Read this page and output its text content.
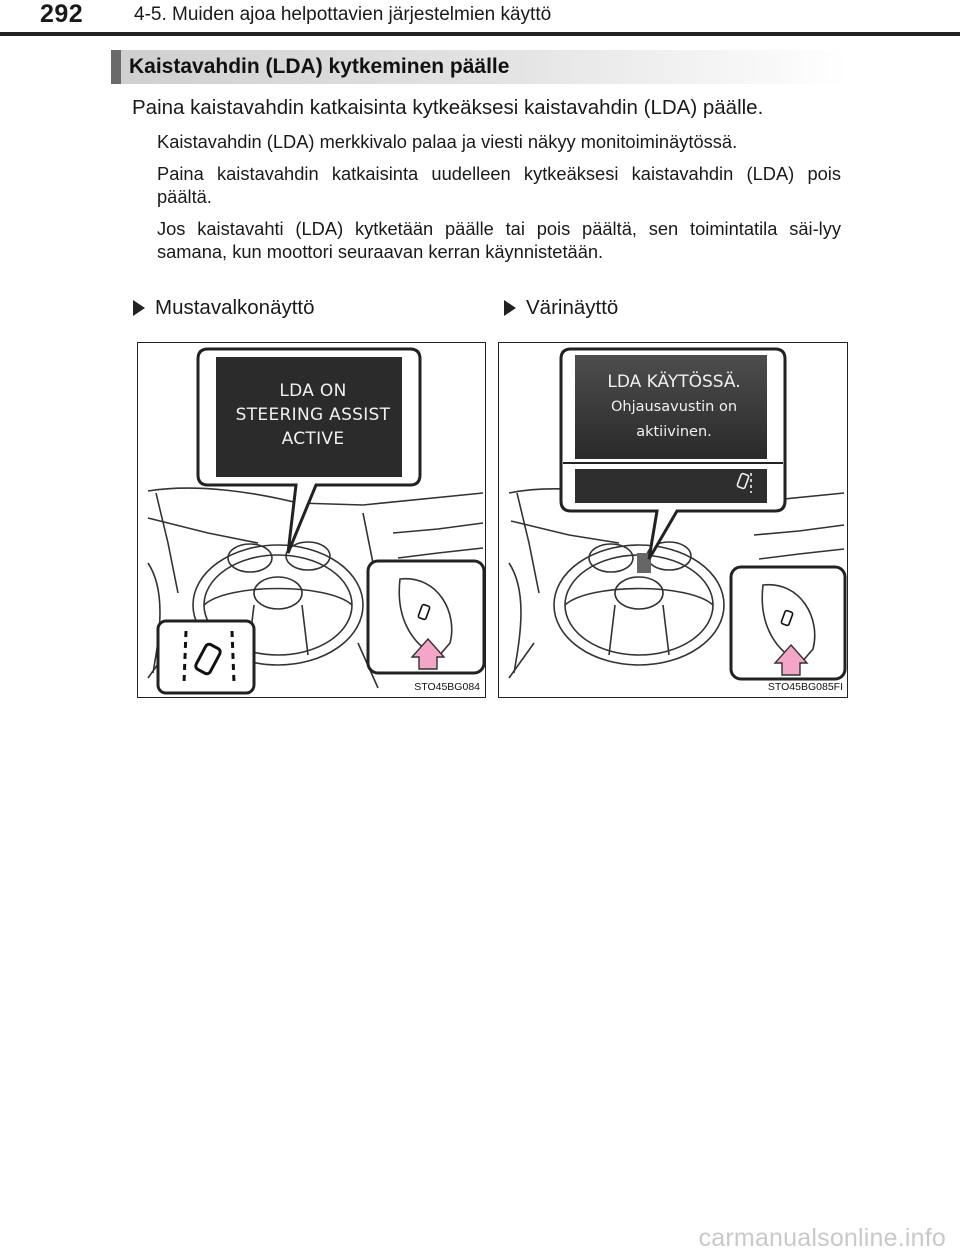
292	4-5. Muiden ajoa helpottavien järjestelmien käyttö
Kaistavahdin (LDA) kytkeminen päälle
Paina kaistavahdin katkaisinta kytkeäksesi kaistavahdin (LDA) päälle.

Kaistavahdin (LDA) merkkivalo palaa ja viesti näkyy monitoiminäytössä.

Paina kaistavahdin katkaisinta uudelleen kytkeäksesi kaistavahdin (LDA) pois päältä.

Jos kaistavahti (LDA) kytketään päälle tai pois päältä, sen toimintatila säi-lyy samana, kun moottori seuraavan kerran käynnistetään.

Mustavalkonäyttö	Värinäyttö
LDA ON
STEERING ASSIST
ACTIVE
STO45BG084
LDA KÄYTÖSSÄ.
Ohjausavustin on
aktiivinen.
STO45BG085FI
carmanualsonline.info
